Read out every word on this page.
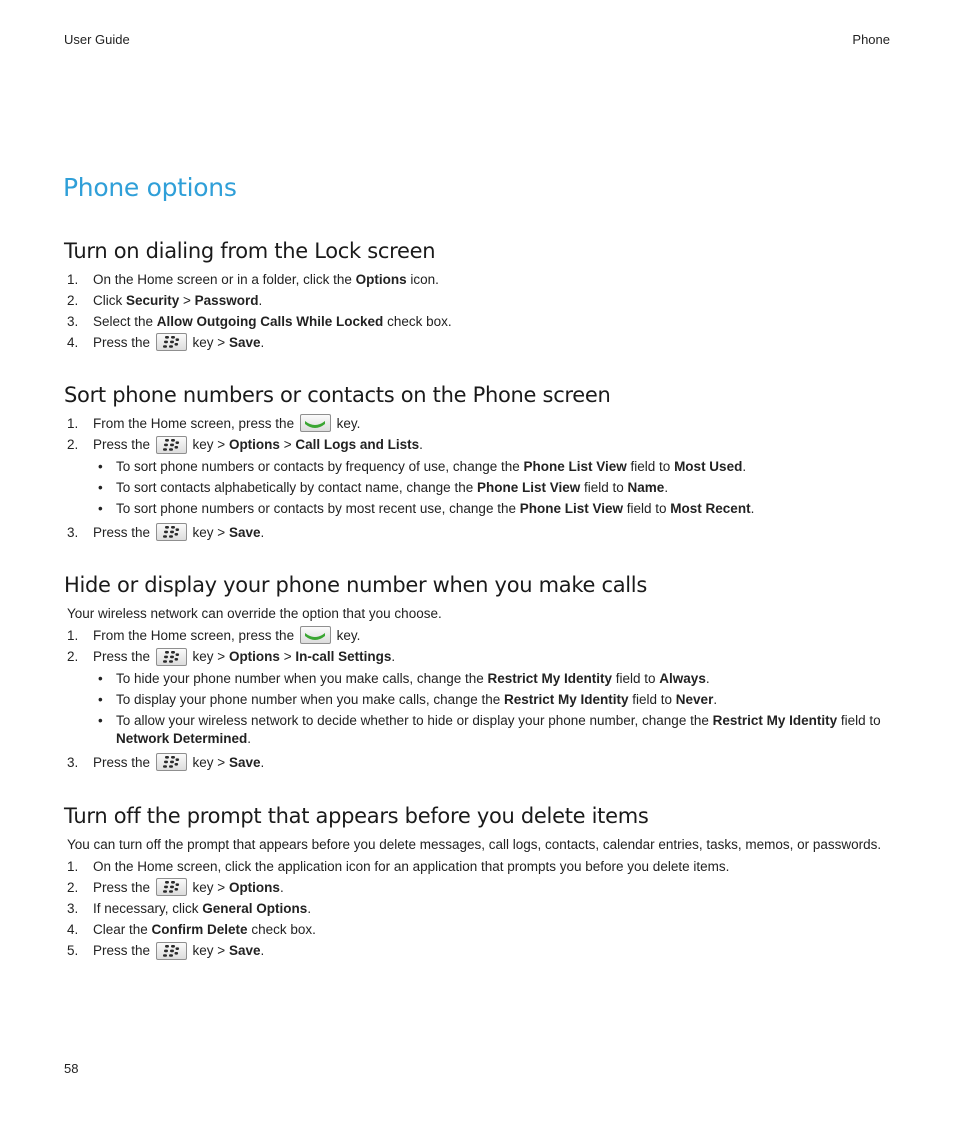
User Guide	Phone
Phone options
Turn on dialing from the Lock screen
1. On the Home screen or in a folder, click the Options icon.
2. Click Security > Password.
3. Select the Allow Outgoing Calls While Locked check box.
4. Press the	key > Save.
Sort phone numbers or contacts on the Phone screen
1. From the Home screen, press the	key.
2. Press the	key > Options > Call Logs and Lists.
• To sort phone numbers or contacts by frequency of use, change the Phone List View field to Most Used.
• To sort contacts alphabetically by contact name, change the Phone List View field to Name.
• To sort phone numbers or contacts by most recent use, change the Phone List View field to Most Recent.
3. Press the	key > Save.
Hide or display your phone number when you make calls

Your wireless network can override the option that you choose.

1. From the Home screen, press the	key.
2. Press the	key > Options > In-call Settings.
• To hide your phone number when you make calls, change the Restrict My Identity field to Always.
• To display your phone number when you make calls, change the Restrict My Identity field to Never.
• To allow your wireless network to decide whether to hide or display your phone number, change the Restrict My Identity field to Network Determined.
3. Press the	key > Save.
Turn off the prompt that appears before you delete items

You can turn off the prompt that appears before you delete messages, call logs, contacts, calendar entries, tasks, memos, or passwords.

1. On the Home screen, click the application icon for an application that prompts you before you delete items.
2. Press the	key > Options.
3. If necessary, click General Options.
4. Clear the Confirm Delete check box.
5. Press the	key > Save.
58
